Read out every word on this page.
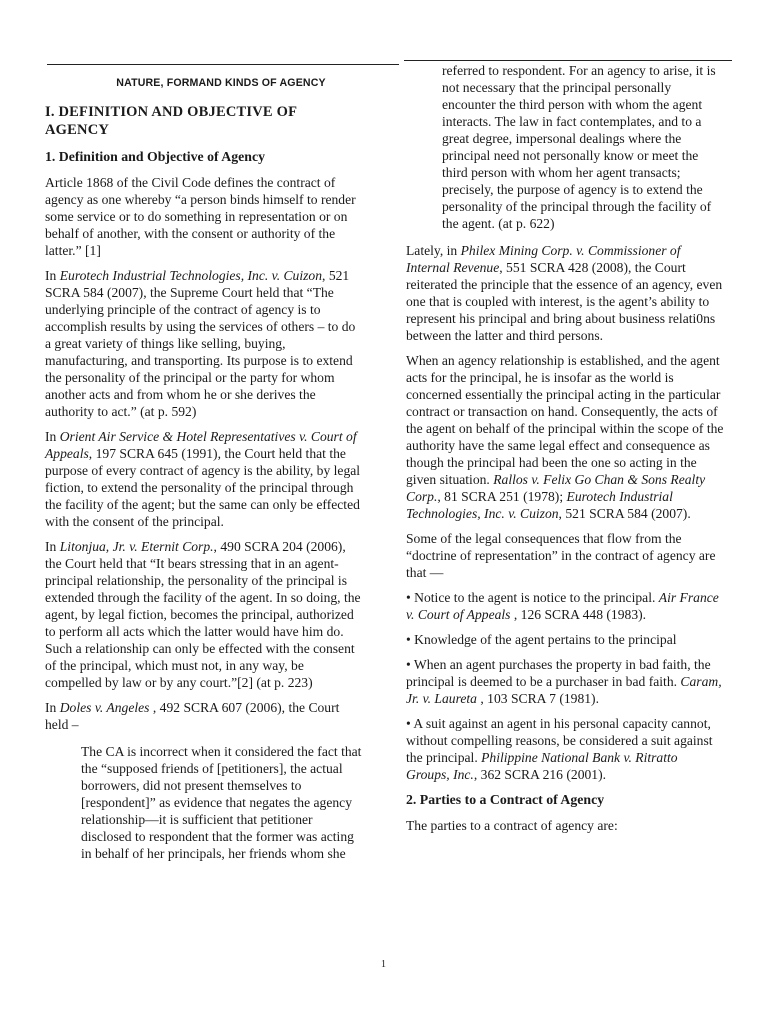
NATURE, FORMAND KINDS OF AGENCY

I. DEFINITION AND OBJECTIVE OF AGENCY

1. Definition and Objective of Agency

Article 1868 of the Civil Code defines the contract of agency as one whereby “a person binds himself to render some service or to do something in representation or on behalf of another, with the consent or authority of the latter.” [1]

In Eurotech Industrial Technologies, Inc. v. Cuizon, 521 SCRA 584 (2007), the Supreme Court held that “The underlying principle of the contract of agency is to accomplish results by using the services of others – to do a great variety of things like selling, buying, manufacturing, and transporting. Its purpose is to extend the personality of the principal or the party for whom another acts and from whom he or she derives the authority to act.” (at p. 592)

In Orient Air Service & Hotel Representatives v. Court of Appeals, 197 SCRA 645 (1991), the Court held that the purpose of every contract of agency is the ability, by legal fiction, to extend the personality of the principal through the facility of the agent; but the same can only be effected with the consent of the principal.

In Litonjua, Jr. v. Eternit Corp., 490 SCRA 204 (2006), the Court held that “It bears stressing that in an agent-principal relationship, the personality of the principal is extended through the facility of the agent. In so doing, the agent, by legal fiction, becomes the principal, authorized to perform all acts which the latter would have him do. Such a relationship can only be effected with the consent of the principal, which must not, in any way, be compelled by law or by any court.”[2] (at p. 223)

In Doles v. Angeles , 492 SCRA 607 (2006), the Court held –

The CA is incorrect when it considered the fact that the “supposed friends of [petitioners], the actual borrowers, did not present themselves to [respondent]” as evidence that negates the agency relationship—it is sufficient that petitioner disclosed to respondent that the former was acting in behalf of her principals, her friends whom she

referred to respondent. For an agency to arise, it is not necessary that the principal personally encounter the third person with whom the agent interacts. The law in fact contemplates, and to a great degree, impersonal dealings where the principal need not personally know or meet the third person with whom her agent transacts; precisely, the purpose of agency is to extend the personality of the principal through the facility of the agent. (at p. 622)

Lately, in Philex Mining Corp. v. Commissioner of Internal Revenue, 551 SCRA 428 (2008), the Court reiterated the principle that the essence of an agency, even one that is coupled with interest, is the agent’s ability to represent his principal and bring about business relati0ns between the latter and third persons.

When an agency relationship is established, and the agent acts for the principal, he is insofar as the world is concerned essentially the principal acting in the particular contract or transaction on hand. Consequently, the acts of the agent on behalf of the principal within the scope of the authority have the same legal effect and consequence as though the principal had been the one so acting in the given situation. Rallos v. Felix Go Chan & Sons Realty Corp., 81 SCRA 251 (1978); Eurotech Industrial Technologies, Inc. v. Cuizon, 521 SCRA 584 (2007).

Some of the legal consequences that flow from the “doctrine of representation” in the contract of agency are that —

• Notice to the agent is notice to the principal. Air France v. Court of Appeals , 126 SCRA 448 (1983).

• Knowledge of the agent pertains to the principal

• When an agent purchases the property in bad faith, the principal is deemed to be a purchaser in bad faith. Caram, Jr. v. Laureta , 103 SCRA 7 (1981).

• A suit against an agent in his personal capacity cannot, without compelling reasons, be considered a suit against the principal. Philippine National Bank v. Ritratto Groups, Inc., 362 SCRA 216 (2001).

2. Parties to a Contract of Agency

The parties to a contract of agency are:

1
